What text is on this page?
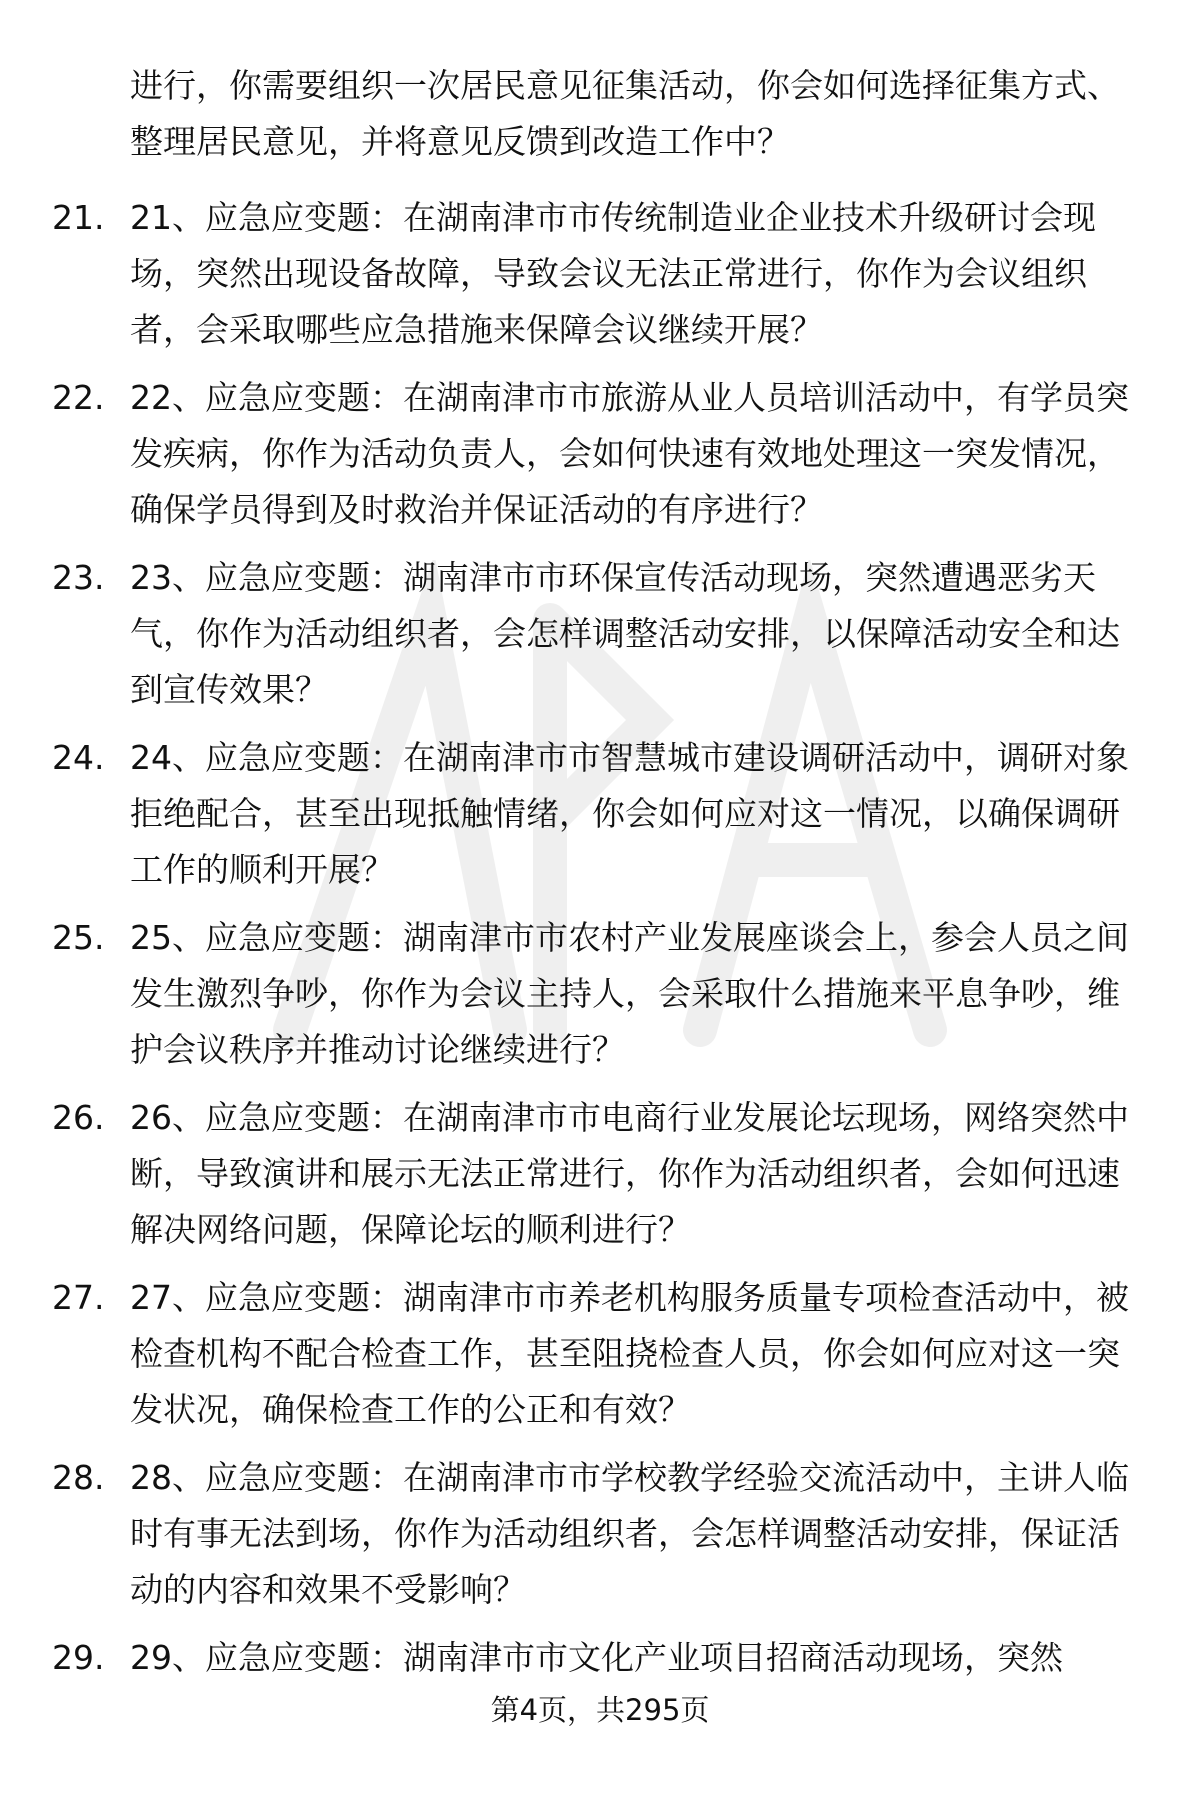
进行，你需要组织一次居民意见征集活动，你会如何选择征集方式、整理居民意见，并将意见反馈到改造工作中？
21. 21、应急应变题：在湖南津市市传统制造业企业技术升级研讨会现场，突然出现设备故障，导致会议无法正常进行，你作为会议组织者，会采取哪些应急措施来保障会议继续开展？
22. 22、应急应变题：在湖南津市市旅游从业人员培训活动中，有学员突发疾病，你作为活动负责人，会如何快速有效地处理这一突发情况，确保学员得到及时救治并保证活动的有序进行？
23. 23、应急应变题：湖南津市市环保宣传活动现场，突然遭遇恶劣天气，你作为活动组织者，会怎样调整活动安排，以保障活动安全和达到宣传效果？
24. 24、应急应变题：在湖南津市市智慧城市建设调研活动中，调研对象拒绝配合，甚至出现抵触情绪，你会如何应对这一情况，以确保调研工作的顺利开展？
25. 25、应急应变题：湖南津市市农村产业发展座谈会上，参会人员之间发生激烈争吵，你作为会议主持人，会采取什么措施来平息争吵，维护会议秩序并推动讨论继续进行？
26. 26、应急应变题：在湖南津市市电商行业发展论坛现场，网络突然中断，导致演讲和展示无法正常进行，你作为活动组织者，会如何迅速解决网络问题，保障论坛的顺利进行？
27. 27、应急应变题：湖南津市市养老机构服务质量专项检查活动中，被检查机构不配合检查工作，甚至阻挠检查人员，你会如何应对这一突发状况，确保检查工作的公正和有效？
28. 28、应急应变题：在湖南津市市学校教学经验交流活动中，主讲人临时有事无法到场，你作为活动组织者，会怎样调整活动安排，保证活动的内容和效果不受影响？
29. 29、应急应变题：湖南津市市文化产业项目招商活动现场，突然
第4页，共295页
